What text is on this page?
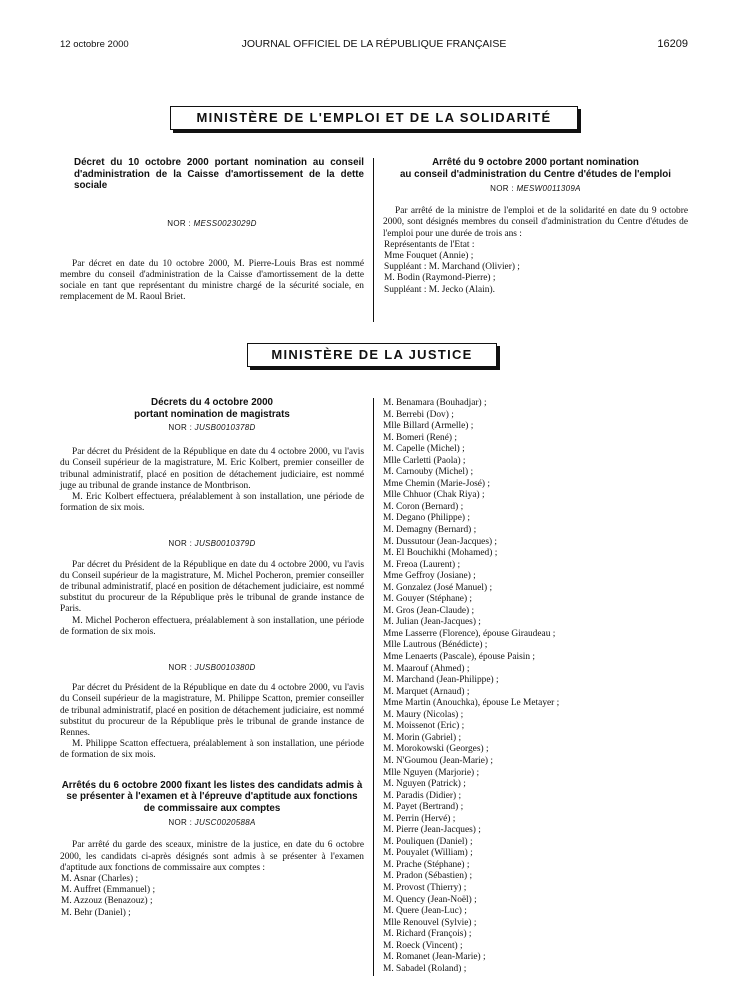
12 octobre 2000	JOURNAL OFFICIEL DE LA RÉPUBLIQUE FRANÇAISE	16209
MINISTÈRE DE L'EMPLOI ET DE LA SOLIDARITÉ

Décret du 10 octobre 2000 portant nomination au conseil d'administration de la Caisse d'amortissement de la dette sociale

NOR : MESS0023029D

Par décret en date du 10 octobre 2000, M. Pierre-Louis Bras est nommé membre du conseil d'administration de la Caisse d'amortissement de la dette sociale en tant que représentant du ministre chargé de la sécurité sociale, en remplacement de M. Raoul Briet.

Arrêté du 9 octobre 2000 portant nomination
au conseil d'administration du Centre d'études de l'emploi
NOR : MESW0011309A

Par arrêté de la ministre de l'emploi et de la solidarité en date du 9 octobre 2000, sont désignés membres du conseil d'administration du Centre d'études de l'emploi pour une durée de trois ans :

Représentants de l'Etat :
Mme Fouquet (Annie) ;
Suppléant : M. Marchand (Olivier) ;
M. Bodin (Raymond-Pierre) ;
Suppléant : M. Jecko (Alain).
MINISTÈRE DE LA JUSTICE
Décrets du 4 octobre 2000
portant nomination de magistrats
NOR : JUSB0010378D

Par décret du Président de la République en date du 4 octobre 2000, vu l'avis du Conseil supérieur de la magistrature, M. Eric Kolbert, premier conseiller de tribunal administratif, placé en position de détachement judiciaire, est nommé juge au tribunal de grande instance de Montbrison.

M. Eric Kolbert effectuera, préalablement à son installation, une période de formation de six mois.

NOR : JUSB0010379D

Par décret du Président de la République en date du 4 octobre 2000, vu l'avis du Conseil supérieur de la magistrature, M. Michel Pocheron, premier conseiller de tribunal administratif, placé en position de détachement judiciaire, est nommé substitut du procureur de la République près le tribunal de grande instance de Paris.

M. Michel Pocheron effectuera, préalablement à son installation, une période de formation de six mois.

NOR : JUSB0010380D

Par décret du Président de la République en date du 4 octobre 2000, vu l'avis du Conseil supérieur de la magistrature, M. Philippe Scatton, premier conseiller de tribunal administratif, placé en position de détachement judiciaire, est nommé substitut du procureur de la République près le tribunal de grande instance de Rennes.

M. Philippe Scatton effectuera, préalablement à son installation, une période de formation de six mois.

Arrêtés du 6 octobre 2000 fixant les listes des candidats admis à se présenter à l'examen et à l'épreuve d'aptitude aux fonctions de commissaire aux comptes

NOR : JUSC0020588A

Par arrêté du garde des sceaux, ministre de la justice, en date du 6 octobre 2000, les candidats ci-après désignés sont admis à se présenter à l'examen d'aptitude aux fonctions de commissaire aux comptes :

M. Asnar (Charles) ;
M. Auffret (Emmanuel) ;
M. Azzouz (Benazouz) ;
M. Behr (Daniel) ;
M. Benamara (Bouhadjar) ;
M. Berrebi (Dov) ;
Mlle Billard (Armelle) ;
M. Bomeri (René) ;
M. Capelle (Michel) ;
Mlle Carletti (Paola) ;
M. Carnouby (Michel) ;
Mme Chemin (Marie-José) ;
Mlle Chhuor (Chak Riya) ;
M. Coron (Bernard) ;
M. Degano (Philippe) ;
M. Demagny (Bernard) ;
M. Dussutour (Jean-Jacques) ;
M. El Bouchikhi (Mohamed) ;
M. Freoa (Laurent) ;
Mme Geffroy (Josiane) ;
M. Gonzalez (José Manuel) ;
M. Gouyer (Stéphane) ;
M. Gros (Jean-Claude) ;
M. Julian (Jean-Jacques) ;
Mme Lasserre (Florence), épouse Giraudeau ;
Mlle Lautrous (Bénédicte) ;
Mme Lenaerts (Pascale), épouse Paisin ;
M. Maarouf (Ahmed) ;
M. Marchand (Jean-Philippe) ;
M. Marquet (Arnaud) ;
Mme Martin (Anouchka), épouse Le Metayer ;
M. Maury (Nicolas) ;
M. Moissenot (Eric) ;
M. Morin (Gabriel) ;
M. Morokowski (Georges) ;
M. N'Goumou (Jean-Marie) ;
Mlle Nguyen (Marjorie) ;
M. Nguyen (Patrick) ;
M. Paradis (Didier) ;
M. Payet (Bertrand) ;
M. Perrin (Hervé) ;
M. Pierre (Jean-Jacques) ;
M. Pouliquen (Daniel) ;
M. Pouyalet (William) ;
M. Prache (Stéphane) ;
M. Pradon (Sébastien) ;
M. Provost (Thierry) ;
M. Quency (Jean-Noël) ;
M. Quere (Jean-Luc) ;
Mlle Renouvel (Sylvie) ;
M. Richard (François) ;
M. Roeck (Vincent) ;
M. Romanet (Jean-Marie) ;
M. Sabadel (Roland) ;
